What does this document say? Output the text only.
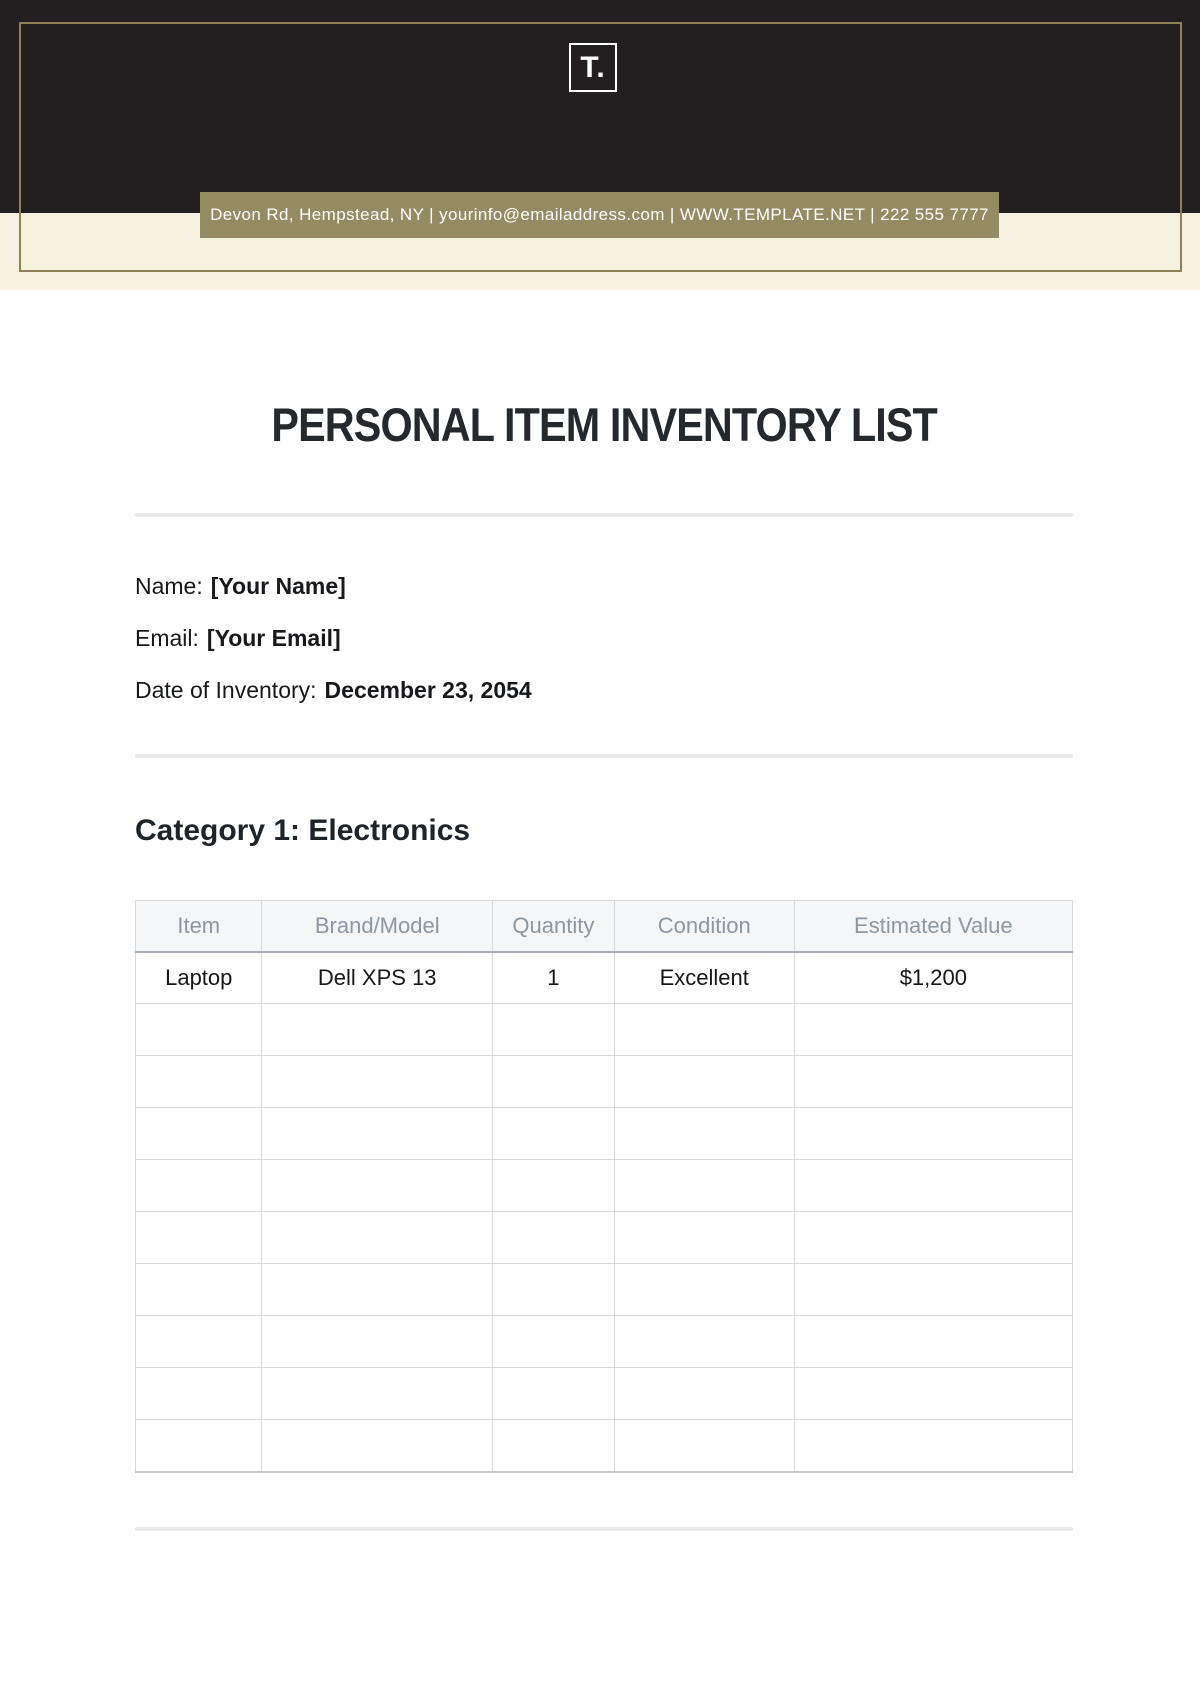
T.
Devon Rd, Hempstead, NY | yourinfo@emailaddress.com | WWW.TEMPLATE.NET | 222 555 7777
PERSONAL ITEM INVENTORY LIST
Name: [Your Name]
Email: [Your Email]
Date of Inventory: December 23, 2054
Category 1: Electronics
Item	Brand/Model	Quantity	Condition	Estimated Value
Laptop	Dell XPS 13	1	Excellent	$1,200
